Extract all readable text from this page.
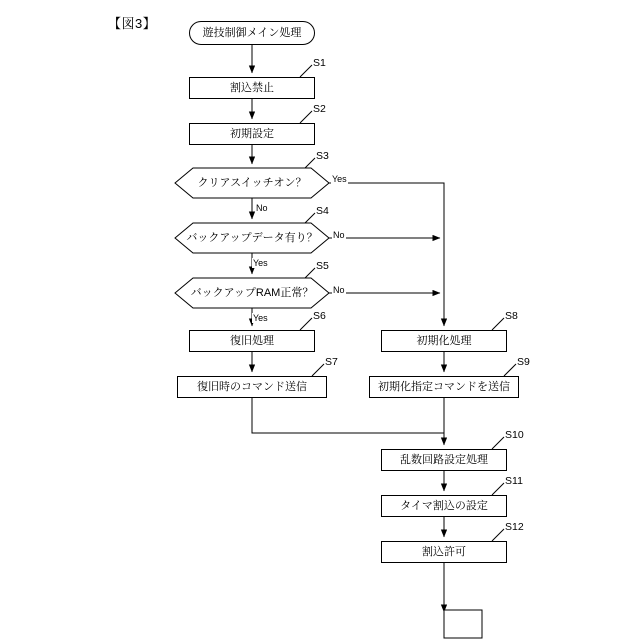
【図3】
遊技制御メイン処理
割込禁止
S1
初期設定
S2
クリアスイッチオン？
S3
バックアップデータ有り？
S4
バックアップRAM正常？
S5
復旧処理
S6
復旧時のコマンド送信
S7
初期化処理
S8
初期化指定コマンドを送信
S9
乱数回路設定処理
S10
タイマ割込の設定
S11
割込許可
S12
Yes
No
No
Yes
No
Yes
